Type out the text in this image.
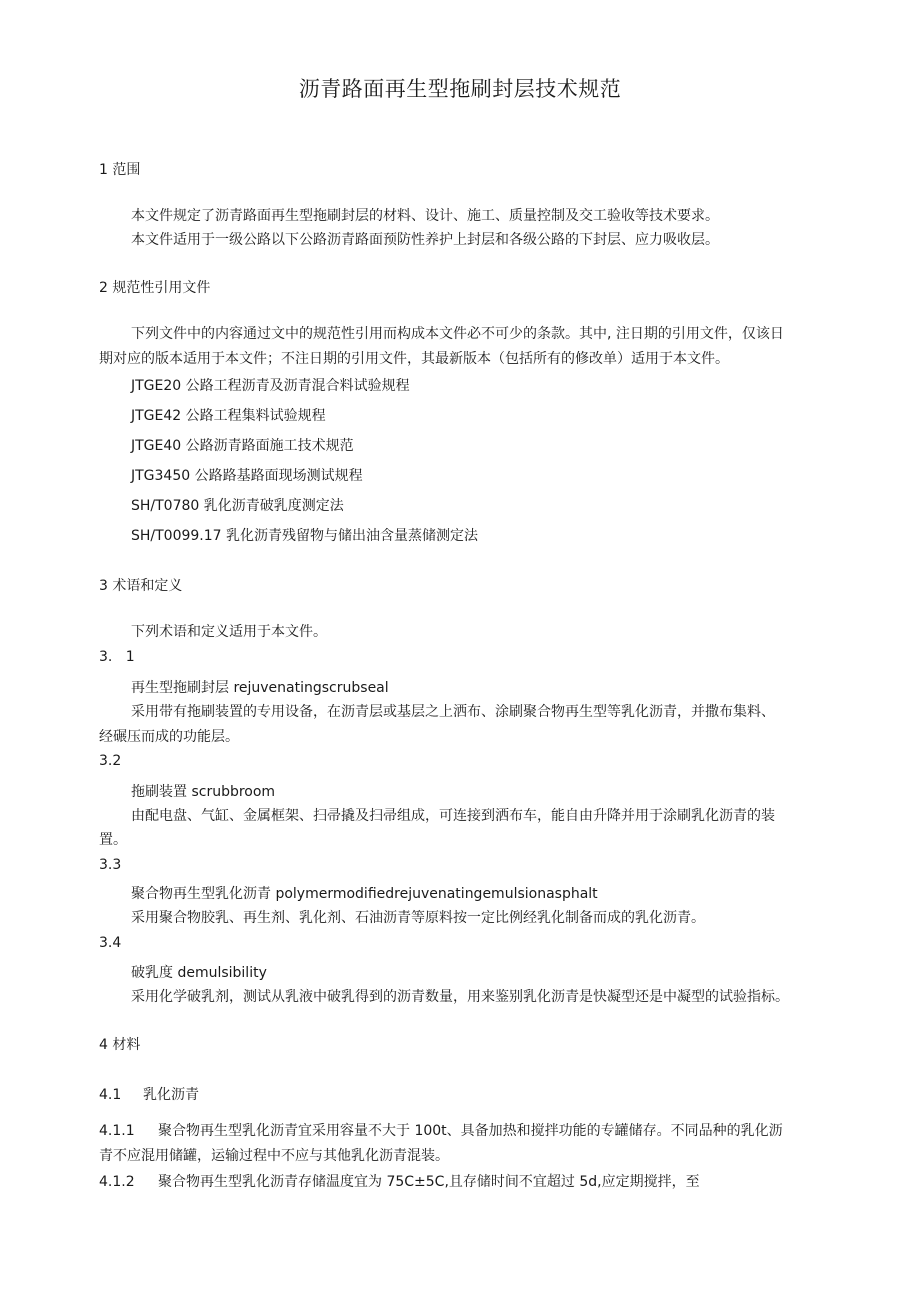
沥青路面再生型拖刷封层技术规范
1 范围
本文件规定了沥青路面再生型拖刷封层的材料、设计、施工、质量控制及交工验收等技术要求。
本文件适用于一级公路以下公路沥青路面预防性养护上封层和各级公路的下封层、应力吸收层。
2 规范性引用文件
下列文件中的内容通过文中的规范性引用而构成本文件必不可少的条款。其中, 注日期的引用文件，仅该日
期对应的版本适用于本文件；不注日期的引用文件，其最新版本（包括所有的修改单）适用于本文件。
JTGE20 公路工程沥青及沥青混合料试验规程
JTGE42 公路工程集料试验规程
JTGE40 公路沥青路面施工技术规范
JTG3450 公路路基路面现场测试规程
SH/T0780 乳化沥青破乳度测定法
SH/T0099.17 乳化沥青残留物与储出油含量蒸储测定法
3 术语和定义
下列术语和定义适用于本文件。
3.   1
再生型拖刷封层 rejuvenatingscrubseal
采用带有拖刷装置的专用设备，在沥青层或基层之上洒布、涂刷聚合物再生型等乳化沥青，并撒布集料、
经碾压而成的功能层。
3.2
拖刷装置 scrubbroom
由配电盘、气缸、金属框架、扫帚撬及扫帚组成，可连接到洒布车，能自由升降并用于涂刷乳化沥青的装
置。
3.3
聚合物再生型乳化沥青 polymermodifiedrejuvenatingemulsionasphalt
采用聚合物胶乳、再生剂、乳化剂、石油沥青等原料按一定比例经乳化制备而成的乳化沥青。
3.4
破乳度 demulsibility
采用化学破乳剂，测试从乳液中破乳得到的沥青数量，用来鉴别乳化沥青是快凝型还是中凝型的试验指标。
4 材料
4.1 乳化沥青
4.1.1 聚合物再生型乳化沥青宜采用容量不大于 100t、具备加热和搅拌功能的专罐储存。不同品种的乳化沥
青不应混用储罐，运输过程中不应与其他乳化沥青混装。
4.1.2 聚合物再生型乳化沥青存储温度宜为 75C±5C,且存储时间不宜超过 5d,应定期搅拌，至
